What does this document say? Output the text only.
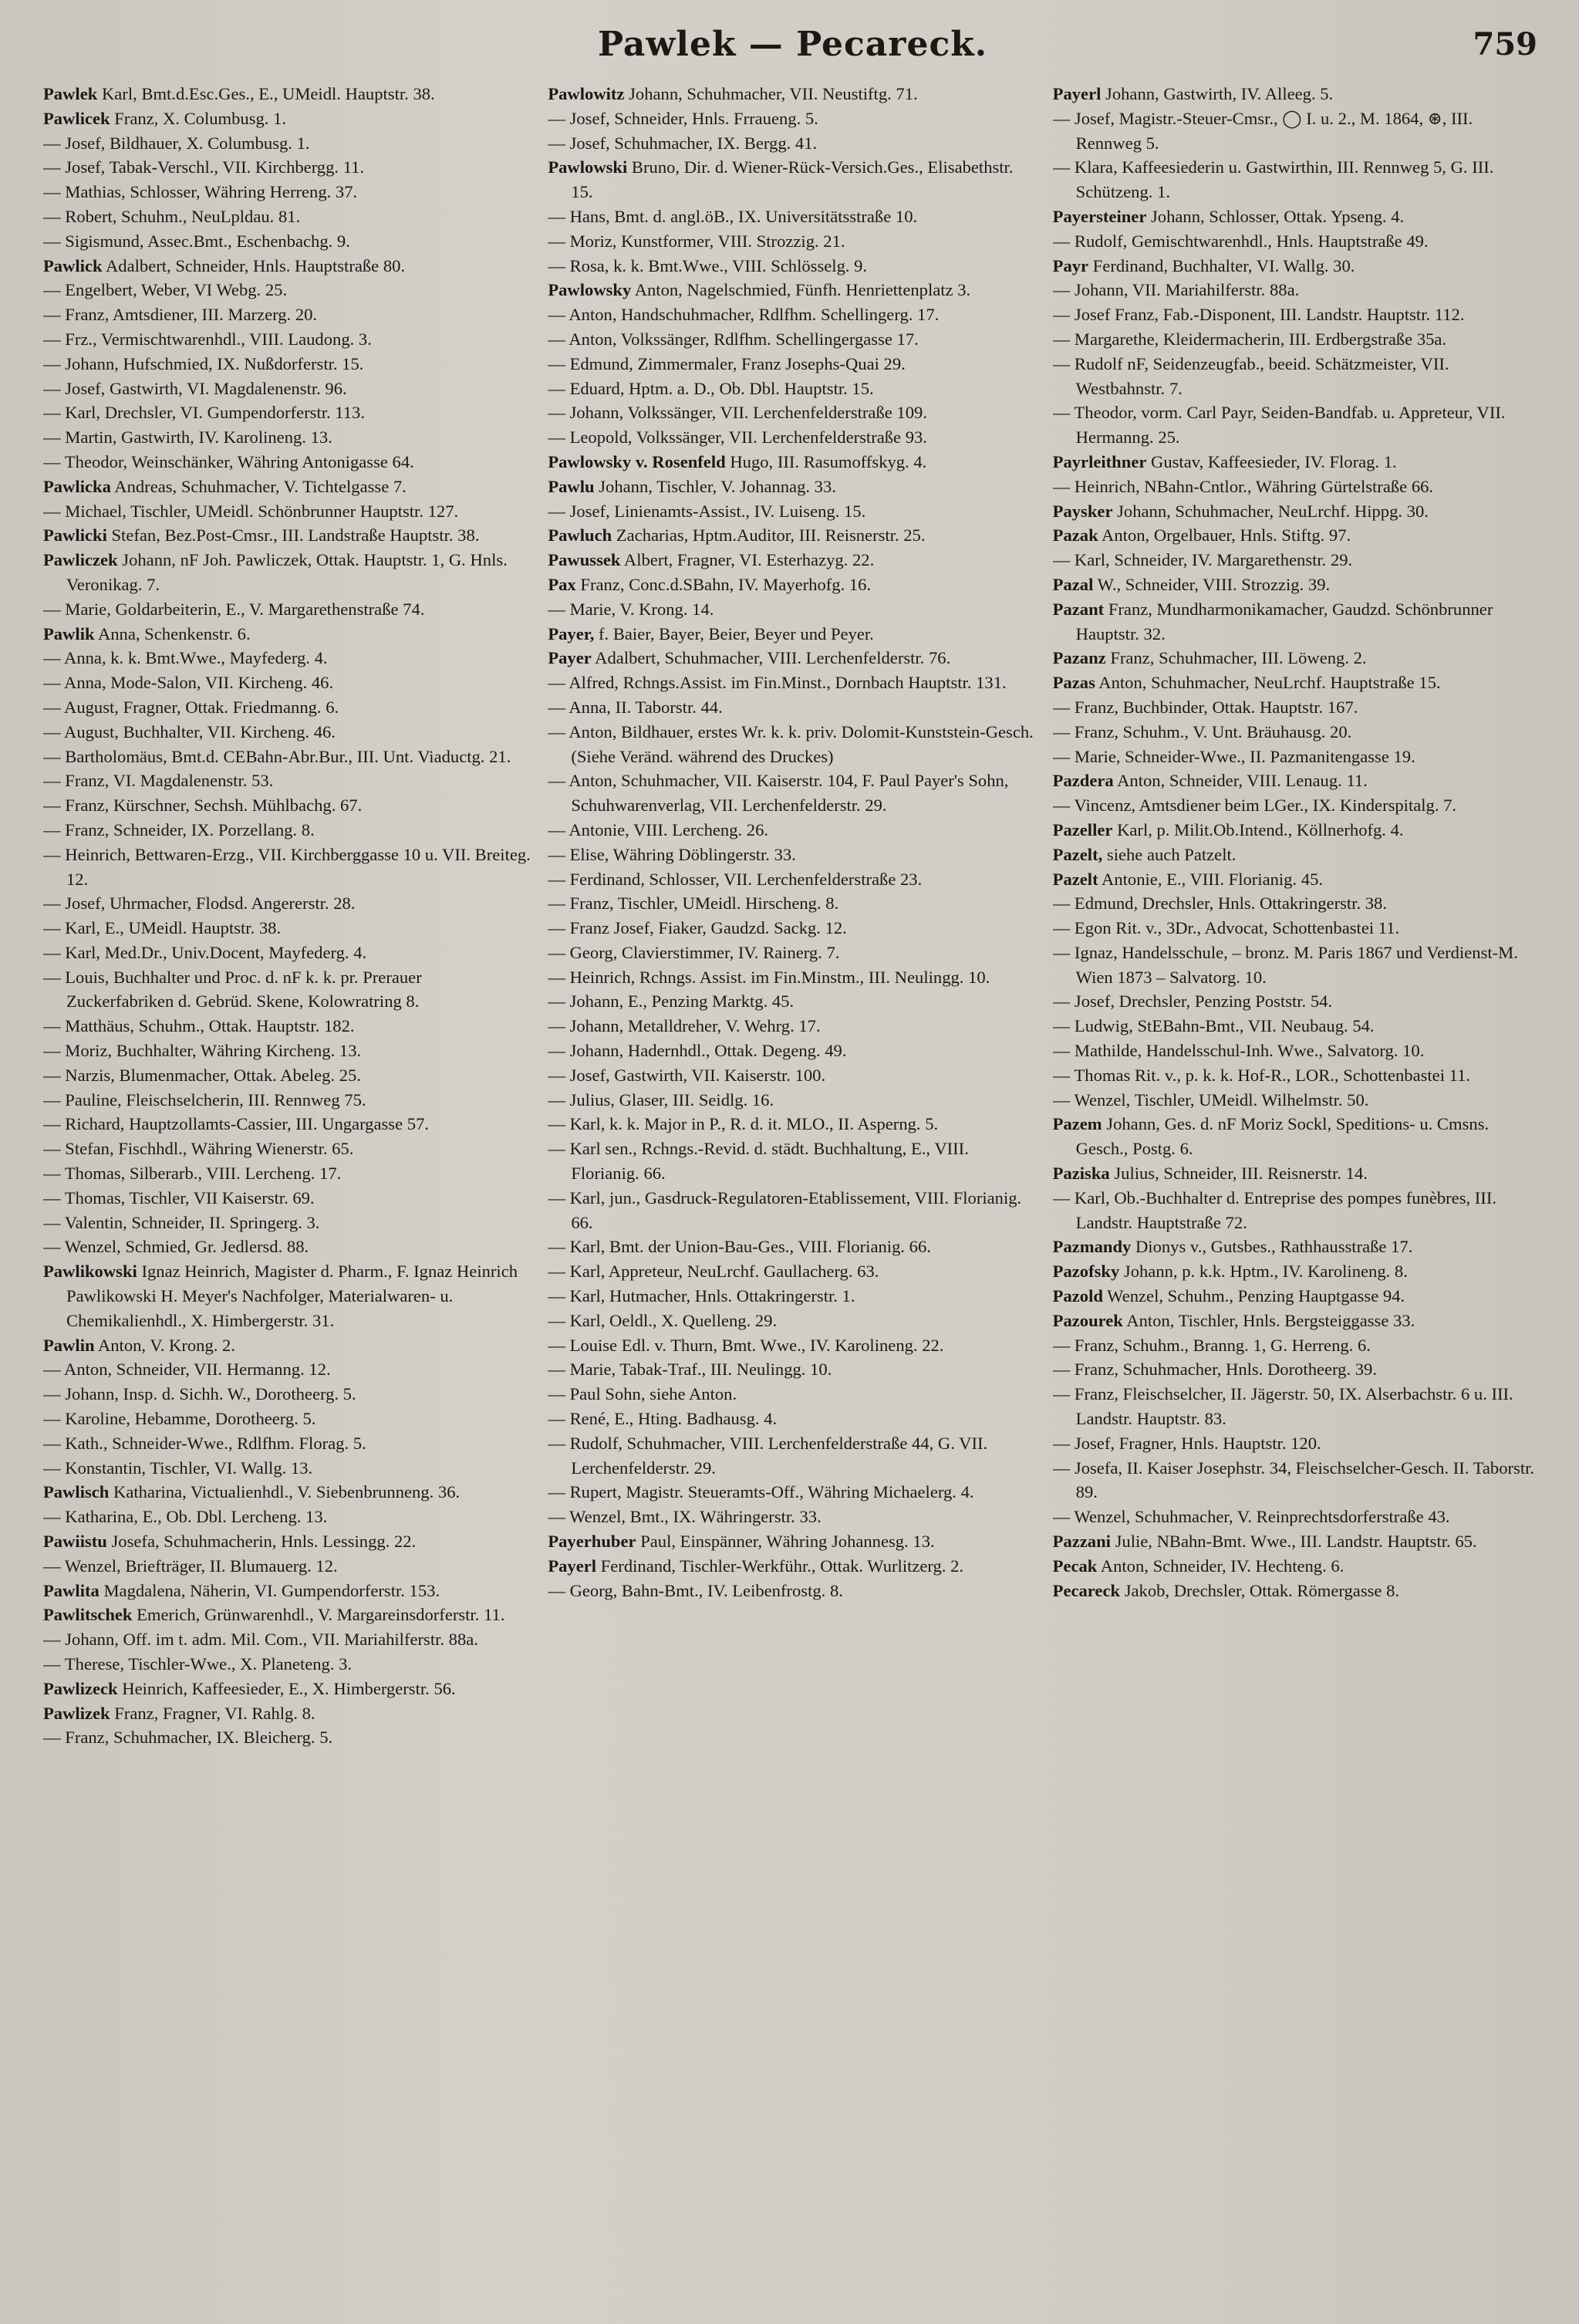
Pawlek — Pecareck.	759
Pawlek Karl, Bmt.d.Esc.Ges., E., UMeidl. Hauptstr. 38.
Pawlicek Franz, X. Columbusg. 1.
— Josef, Bildhauer, X. Columbusg. 1.
— Josef, Tabak-Verschl., VII. Kirchbergg. 11.
— Mathias, Schlosser, Währing Herreng. 37.
— Robert, Schuhm., NeuLpldau. 81.
— Sigismund, Assec.Bmt., Eschenbachg. 9.
Pawlick Adalbert, Schneider, Hnls. Hauptstraße 80.
— Engelbert, Weber, VI Webg. 25.
— Franz, Amtsdiener, III. Marzerg. 20.
— Frz., Vermischtwarenhdl., VIII. Laudong. 3.
— Johann, Hufschmied, IX. Nußdorferstr. 15.
— Josef, Gastwirth, VI. Magdalenenstr. 96.
— Karl, Drechsler, VI. Gumpendorferstr. 113.
— Martin, Gastwirth, IV. Karolineng. 13.
— Theodor, Weinschänker, Währing Antonigasse 64.
Pawlicka Andreas, Schuhmacher, V. Tichtelgasse 7.
— Michael, Tischler, UMeidl. Schönbrunner Hauptstr. 127.
Pawlicki Stefan, Bez.Post-Cmsr., III. Landstraße Hauptstr. 38.
Pawliczek Johann, nF Joh. Pawliczek, Ottak. Hauptstr. 1, G. Hnls. Veronikag. 7.
— Marie, Goldarbeiterin, E., V. Margarethenstraße 74.
Pawlik Anna, Schenkenstr. 6.
— Anna, k. k. Bmt.Wwe., Mayfederg. 4.
— Anna, Mode-Salon, VII. Kircheng. 46.
— August, Fragner, Ottak. Friedmanng. 6.
— August, Buchhalter, VII. Kircheng. 46.
— Bartholomäus, Bmt.d. CEBahn-Abr.Bur., III. Unt. Viaductg. 21.
— Franz, VI. Magdalenenstr. 53.
— Franz, Kürschner, Sechsh. Mühlbachg. 67.
— Franz, Schneider, IX. Porzellang. 8.
— Heinrich, Bettwaren-Erzg., VII. Kirchberggasse 10 u. VII. Breiteg. 12.
— Josef, Uhrmacher, Flodsd. Angererstr. 28.
— Karl, E., UMeidl. Hauptstr. 38.
— Karl, Med.Dr., Univ.Docent, Mayfederg. 4.
— Louis, Buchhalter und Proc. d. nF k. k. pr. Prerauer Zuckerfabriken d. Gebrüd. Skene, Kolowratring 8.
— Matthäus, Schuhm., Ottak. Hauptstr. 182.
— Moriz, Buchhalter, Währing Kircheng. 13.
— Narzis, Blumenmacher, Ottak. Abeleg. 25.
— Pauline, Fleischselcherin, III. Rennweg 75.
— Richard, Hauptzollamts-Cassier, III. Ungargasse 57.
— Stefan, Fischhdl., Währing Wienerstr. 65.
— Thomas, Silberarb., VIII. Lercheng. 17.
— Thomas, Tischler, VII Kaiserstr. 69.
— Valentin, Schneider, II. Springerg. 3.
— Wenzel, Schmied, Gr. Jedlersd. 88.
Pawlikowski Ignaz Heinrich, Magister d. Pharm., F. Ignaz Heinrich Pawlikowski H. Meyer's Nachfolger, Materialwaren- u. Chemikalienhdl., X. Himbergerstr. 31.
Pawlin Anton, V. Krong. 2.
— Anton, Schneider, VII. Hermanng. 12.
— Johann, Insp. d. Sichh. W., Dorotheerg. 5.
— Karoline, Hebamme, Dorotheerg. 5.
— Kath., Schneider-Wwe., Rdlfhm. Florag. 5.
— Konstantin, Tischler, VI. Wallg. 13.
Pawlisch Katharina, Victualienhdl., V. Siebenbrunneng. 36.
— Katharina, E., Ob. Dbl. Lercheng. 13.
Pawiistu Josefa, Schuhmacherin, Hnls. Lessingg. 22.
— Wenzel, Briefträger, II. Blumauerg. 12.
Pawlita Magdalena, Näherin, VI. Gumpendorferstr. 153.
Pawlitschek Emerich, Grünwarenhdl., V. Margareinsdorferstr. 11.
— Johann, Off. im t. adm. Mil. Com., VII. Mariahilferstr. 88a.
— Therese, Tischler-Wwe., X. Planeteng. 3.
Pawlizeck Heinrich, Kaffeesieder, E., X. Himbergerstr. 56.
Pawlizek Franz, Fragner, VI. Rahlg. 8.
— Franz, Schuhmacher, IX. Bleicherg. 5.
Pawlowitz Johann, Schuhmacher, VII. Neustiftg. 71.
— Josef, Schneider, Hnls. Frraueng. 5.
— Josef, Schuhmacher, IX. Bergg. 41.
Pawlowski Bruno, Dir. d. Wiener-Rück-Versich.Ges., Elisabethstr. 15.
— Hans, Bmt. d. angl.öB., IX. Universitätsstraße 10.
— Moriz, Kunstformer, VIII. Strozzig. 21.
— Rosa, k. k. Bmt.Wwe., VIII. Schlösselg. 9.
Pawlowsky Anton, Nagelschmied, Fünfh. Henriettenplatz 3.
— Anton, Handschuhmacher, Rdlfhm. Schellingerg. 17.
— Anton, Volkssänger, Rdlfhm. Schellingergasse 17.
— Edmund, Zimmermaler, Franz Josephs-Quai 29.
— Eduard, Hptm. a. D., Ob. Dbl. Hauptstr. 15.
— Johann, Volkssänger, VII. Lerchenfelderstraße 109.
— Leopold, Volkssänger, VII. Lerchenfelderstraße 93.
Pawlowsky v. Rosenfeld Hugo, III. Rasumoffskyg. 4.
Pawlu Johann, Tischler, V. Johannag. 33.
— Josef, Linienamts-Assist., IV. Luiseng. 15.
Pawluch Zacharias, Hptm.Auditor, III. Reisnerstr. 25.
Pawussek Albert, Fragner, VI. Esterhazyg. 22.
Pax Franz, Conc.d.SBahn, IV. Mayerhofg. 16.
— Marie, V. Krong. 14.
Payer, f. Baier, Bayer, Beier, Beyer und Peyer.
Payer Adalbert, Schuhmacher, VIII. Lerchenfelderstr. 76.
— Alfred, Rchngs.Assist. im Fin.Minst., Dornbach Hauptstr. 131.
— Anna, II. Taborstr. 44.
— Anton, Bildhauer, erstes Wr. k. k. priv. Dolomit-Kunststein-Gesch. (Siehe Veränd. während des Druckes)
— Anton, Schuhmacher, VII. Kaiserstr. 104, F. Paul Payer's Sohn, Schuhwarenverlag, VII. Lerchenfelderstr. 29.
— Antonie, VIII. Lercheng. 26.
— Elise, Währing Döblingerstr. 33.
— Ferdinand, Schlosser, VII. Lerchenfelderstraße 23.
— Franz, Tischler, UMeidl. Hirscheng. 8.
— Franz Josef, Fiaker, Gaudzd. Sackg. 12.
— Georg, Clavierstimmer, IV. Rainerg. 7.
— Heinrich, Rchngs. Assist. im Fin.Minstm., III. Neulingg. 10.
— Johann, E., Penzing Marktg. 45.
— Johann, Metalldreher, V. Wehrg. 17.
— Johann, Hadernhdl., Ottak. Degeng. 49.
— Josef, Gastwirth, VII. Kaiserstr. 100.
— Julius, Glaser, III. Seidlg. 16.
— Karl, k. k. Major in P., R. d. it. MLO., II. Asperng. 5.
— Karl sen., Rchngs.-Revid. d. städt. Buchhaltung, E., VIII. Florianig. 66.
— Karl, jun., Gasdruck-Regulatoren-Etablissement, VIII. Florianig. 66.
— Karl, Bmt. der Union-Bau-Ges., VIII. Florianig. 66.
— Karl, Appreteur, NeuLrchf. Gaullacherg. 63.
— Karl, Hutmacher, Hnls. Ottakringerstr. 1.
— Karl, Oeldl., X. Quelleng. 29.
— Louise Edl. v. Thurn, Bmt. Wwe., IV. Karolineng. 22.
— Marie, Tabak-Traf., III. Neulingg. 10.
— Paul Sohn, siehe Anton.
— René, E., Hting. Badhausg. 4.
— Rudolf, Schuhmacher, VIII. Lerchenfelderstraße 44, G. VII. Lerchenfelderstr. 29.
— Rupert, Magistr. Steueramts-Off., Währing Michaelerg. 4.
— Wenzel, Bmt., IX. Währingerstr. 33.
Payerhuber Paul, Einspänner, Währing Johannesg. 13.
Payerl Ferdinand, Tischler-Werkführ., Ottak. Wurlitzerg. 2.
— Georg, Bahn-Bmt., IV. Leibenfrostg. 8.
Payerl Johann, Gastwirth, IV. Alleeg. 5.
— Josef, Magistr.-Steuer-Cmsr., ◯ I. u. 2., M. 1864, ⊛, III. Rennweg 5.
— Klara, Kaffeesiederin u. Gastwirthin, III. Rennweg 5, G. III. Schützeng. 1.
Payersteiner Johann, Schlosser, Ottak. Ypseng. 4.
— Rudolf, Gemischtwarenhdl., Hnls. Hauptstraße 49.
Payr Ferdinand, Buchhalter, VI. Wallg. 30.
— Johann, VII. Mariahilferstr. 88a.
— Josef Franz, Fab.-Disponent, III. Landstr. Hauptstr. 112.
— Margarethe, Kleidermacherin, III. Erdbergstraße 35a.
— Rudolf nF, Seidenzeugfab., beeid. Schätzmeister, VII. Westbahnstr. 7.
— Theodor, vorm. Carl Payr, Seiden-Bandfab. u. Appreteur, VII. Hermanng. 25.
Payrleithner Gustav, Kaffeesieder, IV. Florag. 1.
— Heinrich, NBahn-Cntlor., Währing Gürtelstraße 66.
Paysker Johann, Schuhmacher, NeuLrchf. Hippg. 30.
Pazak Anton, Orgelbauer, Hnls. Stiftg. 97.
— Karl, Schneider, IV. Margarethenstr. 29.
Pazal W., Schneider, VIII. Strozzig. 39.
Pazant Franz, Mundharmonikamacher, Gaudzd. Schönbrunner Hauptstr. 32.
Pazanz Franz, Schuhmacher, III. Löweng. 2.
Pazas Anton, Schuhmacher, NeuLrchf. Hauptstraße 15.
— Franz, Buchbinder, Ottak. Hauptstr. 167.
— Franz, Schuhm., V. Unt. Bräuhausg. 20.
— Marie, Schneider-Wwe., II. Pazmanitengasse 19.
Pazdera Anton, Schneider, VIII. Lenaug. 11.
— Vincenz, Amtsdiener beim LGer., IX. Kinderspitalg. 7.
Pazeller Karl, p. Milit.Ob.Intend., Köllnerhofg. 4.
Pazelt, siehe auch Patzelt.
Pazelt Antonie, E., VIII. Florianig. 45.
— Edmund, Drechsler, Hnls. Ottakringerstr. 38.
— Egon Rit. v., 3Dr., Advocat, Schottenbastei 11.
— Ignaz, Handelsschule, – bronz. M. Paris 1867 und Verdienst-M. Wien 1873 – Salvatorg. 10.
— Josef, Drechsler, Penzing Poststr. 54.
— Ludwig, StEBahn-Bmt., VII. Neubaug. 54.
— Mathilde, Handelsschul-Inh. Wwe., Salvatorg. 10.
— Thomas Rit. v., p. k. k. Hof-R., LOR., Schottenbastei 11.
— Wenzel, Tischler, UMeidl. Wilhelmstr. 50.
Pazem Johann, Ges. d. nF Moriz Sockl, Speditions- u. Cmsns. Gesch., Postg. 6.
Paziska Julius, Schneider, III. Reisnerstr. 14.
— Karl, Ob.-Buchhalter d. Entreprise des pompes funèbres, III. Landstr. Hauptstraße 72.
Pazmandy Dionys v., Gutsbes., Rathhausstraße 17.
Pazofsky Johann, p. k.k. Hptm., IV. Karolineng. 8.
Pazold Wenzel, Schuhm., Penzing Hauptgasse 94.
Pazourek Anton, Tischler, Hnls. Bergsteiggasse 33.
— Franz, Schuhm., Branng. 1, G. Herreng. 6.
— Franz, Schuhmacher, Hnls. Dorotheerg. 39.
— Franz, Fleischselcher, II. Jägerstr. 50, IX. Alserbachstr. 6 u. III. Landstr. Hauptstr. 83.
— Josef, Fragner, Hnls. Hauptstr. 120.
— Josefa, II. Kaiser Josephstr. 34, Fleischselcher-Gesch. II. Taborstr. 89.
— Wenzel, Schuhmacher, V. Reinprechtsdorferstraße 43.
Pazzani Julie, NBahn-Bmt. Wwe., III. Landstr. Hauptstr. 65.
Pecak Anton, Schneider, IV. Hechteng. 6.
Pecareck Jakob, Drechsler, Ottak. Römergasse 8.
